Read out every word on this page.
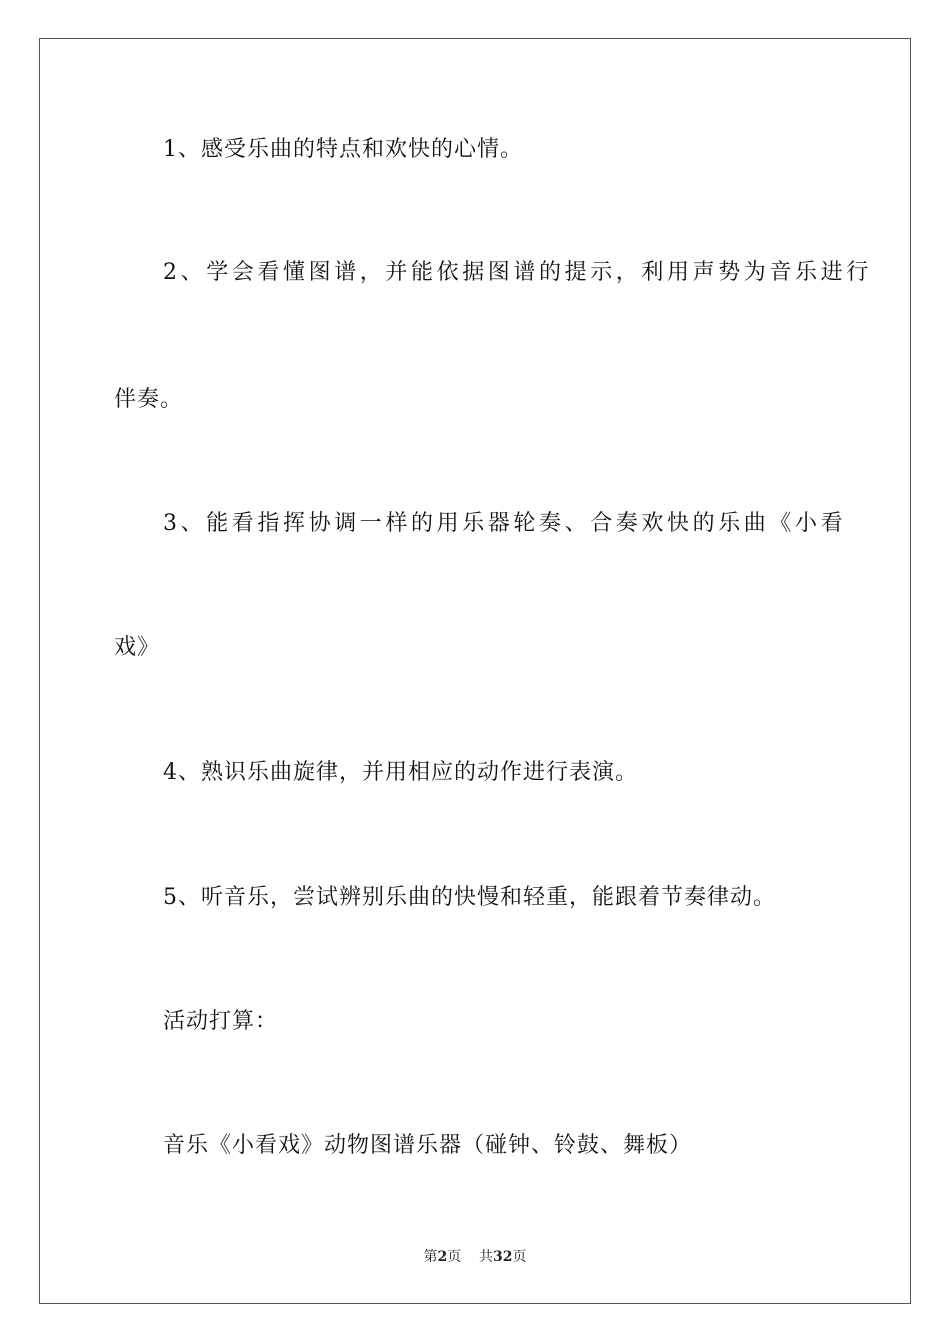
1、感受乐曲的特点和欢快的心情。
2、学会看懂图谱，并能依据图谱的提示，利用声势为音乐进行
伴奏。
3、能看指挥协调一样的用乐器轮奏、合奏欢快的乐曲《小看
戏》
4、熟识乐曲旋律，并用相应的动作进行表演。
5、听音乐，尝试辨别乐曲的快慢和轻重，能跟着节奏律动。
活动打算：
音乐《小看戏》动物图谱乐器（碰钟、铃鼓、舞板）
第2页 共32页
